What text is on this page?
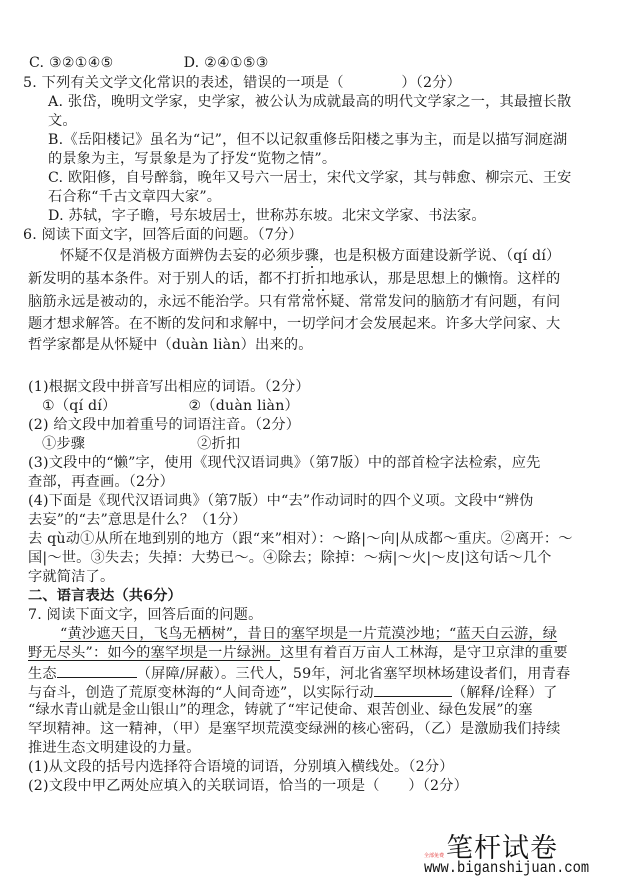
C. ③②①④⑤	D. ②④①⑤③
5. 下列有关文学文化常识的表述，错误的一项是（　　　　）（2分）
A. 张岱，晚明文学家，史学家，被公认为成就最高的明代文学家之一，其最擅长散
文。
B.《岳阳楼记》虽名为“记”，但不以记叙重修岳阳楼之事为主，而是以描写洞庭湖
的景象为主，写景象是为了抒发“览物之情”。
C. 欧阳修，自号醉翁，晚年又号六一居士，宋代文学家，其与韩愈、柳宗元、王安
石合称“千古文章四大家”。
D. 苏轼，字子瞻，号东坡居士，世称苏东坡。北宋文学家、书法家。
6. 阅读下面文字，回答后面的问题。（7分）
怀疑不仅是消极方面辨伪去妄的必须步骤，也是积极方面建设新学说、（qí dí）
新发明的基本条件。对于别人的话，都不打折扣地承认，那是思想上的懒惰。这样的
脑筋永远是被动的，永远不能治学。只有常常怀疑、常常发问的脑筋才有问题，有问
题才想求解答。在不断的发问和求解中，一切学问才会发展起来。许多大学问家、大
哲学家都是从怀疑中（duàn liàn）出来的。
(1)根据文段中拼音写出相应的词语。（2分）
①（qí dí）	②（duàn liàn）
(2) 给文段中加着重号的词语注音。（2分）
①步骤	②折扣
(3)文段中的“懒”字，使用《现代汉语词典》（第7版）中的部首检字法检索，应先
查部，再查画。（2分）
(4)下面是《现代汉语词典》（第7版）中“去”作动词时的四个义项。文段中“辨伪
去妄”的“去”意思是什么？（1分）
去 qù动①从所在地到别的地方（跟“来”相对）：～路|～向|从成都～重庆。②离开：～
国|～世。③失去；失掉：大势已～。④除去；除掉：～病|～火|～皮|这句话～几个
字就简洁了。
二、语言表达（共6分）
7. 阅读下面文字，回答后面的问题。
“黄沙遮天日，飞鸟无栖树”，昔日的塞罕坝是一片荒漠沙地；“蓝天白云游，绿
野无尽头”：如今的塞罕坝是一片绿洲。这里有着百万亩人工林海，是守卫京津的重要
生态	（屏障/屏蔽）。三代人，59年，河北省塞罕坝林场建设者们，用青春
与奋斗，创造了荒原变林海的“人间奇迹”，以实际行动	（解释/诠释）了
“绿水青山就是金山银山”的理念，铸就了“牢记使命、艰苦创业、绿色发展”的塞
罕坝精神。这一精神，（甲）是塞罕坝荒漠变绿洲的核心密码，（乙）是激励我们持续
推进生态文明建设的力量。
(1)从文段的括号内选择符合语境的词语，分别填入横线处。（2分）
(2)文段中甲乙两处应填入的关联词语，恰当的一项是（　　）（2分）
全部免费 笔杆试卷
www.biganshijuan.com
